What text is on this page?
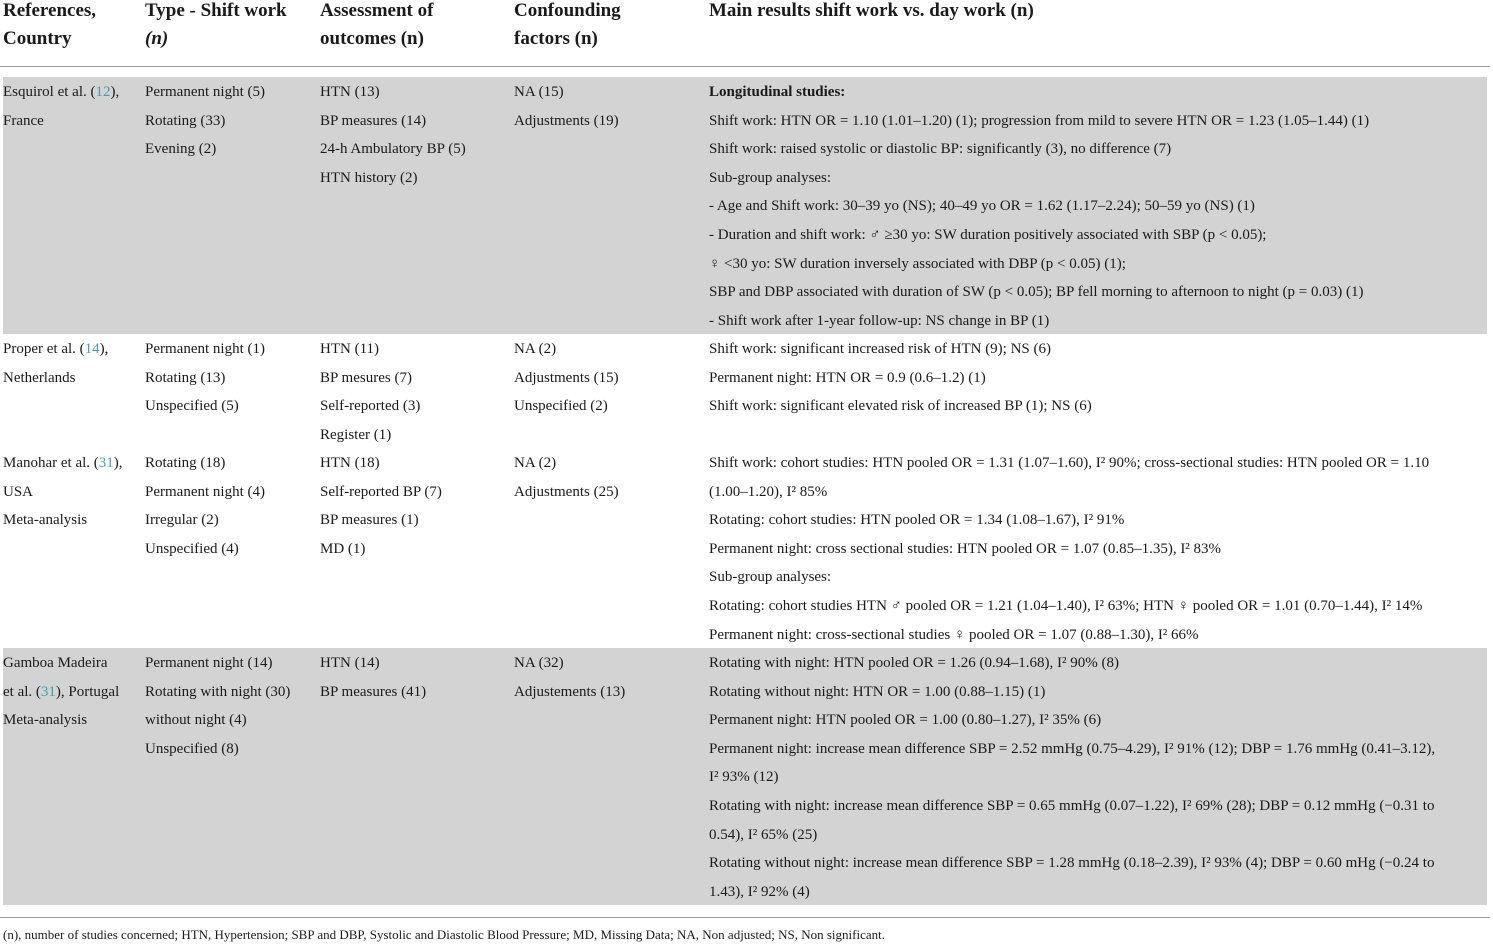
References,
Country
Type - Shift work
(n)
Assessment of
outcomes (n)
Confounding
factors (n)
Main results shift work vs. day work (n)
Esquirol et al. (12),
France
Permanent night (5)
Rotating (33)
Evening (2)
HTN (13)
BP measures (14)
24-h Ambulatory BP (5)
HTN history (2)
NA (15)
Adjustments (19)
Longitudinal studies:
Shift work: HTN OR = 1.10 (1.01–1.20) (1); progression from mild to severe HTN OR = 1.23 (1.05–1.44) (1)
Shift work: raised systolic or diastolic BP: significantly (3), no difference (7)
Sub-group analyses:
- Age and Shift work: 30–39 yo (NS); 40–49 yo OR = 1.62 (1.17–2.24); 50–59 yo (NS) (1)
- Duration and shift work: ♂ ≥30 yo: SW duration positively associated with SBP (p < 0.05);
♀ <30 yo: SW duration inversely associated with DBP (p < 0.05) (1);
SBP and DBP associated with duration of SW (p < 0.05); BP fell morning to afternoon to night (p = 0.03) (1)
- Shift work after 1-year follow-up: NS change in BP (1)
Proper et al. (14),
Netherlands
Permanent night (1)
Rotating (13)
Unspecified (5)
HTN (11)
BP mesures (7)
Self-reported (3)
Register (1)
NA (2)
Adjustments (15)
Unspecified (2)
Shift work: significant increased risk of HTN (9); NS (6)
Permanent night: HTN OR = 0.9 (0.6–1.2) (1)
Shift work: significant elevated risk of increased BP (1); NS (6)
Manohar et al. (31),
USA
Meta-analysis
Rotating (18)
Permanent night (4)
Irregular (2)
Unspecified (4)
HTN (18)
Self-reported BP (7)
BP measures (1)
MD (1)
NA (2)
Adjustments (25)
Shift work: cohort studies: HTN pooled OR = 1.31 (1.07–1.60), I² 90%; cross-sectional studies: HTN pooled OR = 1.10
(1.00–1.20), I² 85%
Rotating: cohort studies: HTN pooled OR = 1.34 (1.08–1.67), I² 91%
Permanent night: cross sectional studies: HTN pooled OR = 1.07 (0.85–1.35), I² 83%
Sub-group analyses:
Rotating: cohort studies HTN ♂ pooled OR = 1.21 (1.04–1.40), I² 63%; HTN ♀ pooled OR = 1.01 (0.70–1.44), I² 14%
Permanent night: cross-sectional studies ♀ pooled OR = 1.07 (0.88–1.30), I² 66%
Gamboa Madeira
et al. (31), Portugal
Meta-analysis
Permanent night (14)
Rotating with night (30)
without night (4)
Unspecified (8)
HTN (14)
BP measures (41)
NA (32)
Adjustements (13)
Rotating with night: HTN pooled OR = 1.26 (0.94–1.68), I² 90% (8)
Rotating without night: HTN OR = 1.00 (0.88–1.15) (1)
Permanent night: HTN pooled OR = 1.00 (0.80–1.27), I² 35% (6)
Permanent night: increase mean difference SBP = 2.52 mmHg (0.75–4.29), I² 91% (12); DBP = 1.76 mmHg (0.41–3.12),
I² 93% (12)
Rotating with night: increase mean difference SBP = 0.65 mmHg (0.07–1.22), I² 69% (28); DBP = 0.12 mmHg (−0.31 to
0.54), I² 65% (25)
Rotating without night: increase mean difference SBP = 1.28 mmHg (0.18–2.39), I² 93% (4); DBP = 0.60 mHg (−0.24 to
1.43), I² 92% (4)
(n), number of studies concerned; HTN, Hypertension; SBP and DBP, Systolic and Diastolic Blood Pressure; MD, Missing Data; NA, Non adjusted; NS, Non significant.
